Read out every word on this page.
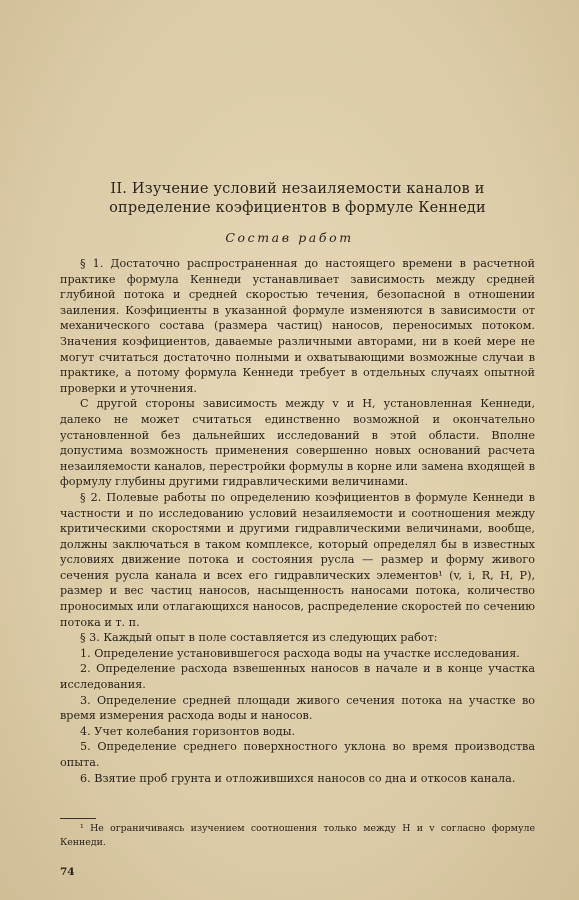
II. Изучение условий незаиляемости каналов и определение коэфициентов в формуле Кеннеди
Состав работ

§ 1. Достаточно распространенная до настоящего времени в расчетной практике формула Кеннеди устанавливает зависимость между средней глубиной потока и средней скоростью течения, безопасной в отношении заиления. Коэфициенты в указанной формуле изменяются в зависимости от механического состава (размера частиц) наносов, переносимых потоком. Значения коэфициентов, даваемые различными авторами, ни в коей мере не могут считаться достаточно полными и охватывающими возможные случаи в практике, а потому формула Кеннеди требует в отдельных случаях опытной проверки и уточнения.

С другой стороны зависимость между v и H, установленная Кеннеди, далеко не может считаться единственно возможной и окончательно установленной без дальнейших исследований в этой области. Вполне допустима возможность применения совершенно новых оснований расчета незаиляемости каналов, перестройки формулы в корне или замена входящей в формулу глубины другими гидравлическими величинами.

§ 2. Полевые работы по определению коэфициентов в формуле Кеннеди в частности и по исследованию условий незаиляемости и соотношения между критическими скоростями и другими гидравлическими величинами, вообще, должны заключаться в таком комплексе, который определял бы в известных условиях движение потока и состояния русла — размер и форму живого сечения русла канала и всех его гидравлических элементов¹ (v, i, R, H, P), размер и вес частиц наносов, насыщенность наносами потока, количество проносимых или отлагающихся наносов, распределение скоростей по сечению потока и т. п.

§ 3. Каждый опыт в поле составляется из следующих работ:

1. Определение установившегося расхода воды на участке исследования.

2. Определение расхода взвешенных наносов в начале и в конце участка исследования.

3. Определение средней площади живого сечения потока на участке во время измерения расхода воды и наносов.

4. Учет колебания горизонтов воды.

5. Определение среднего поверхностного уклона во время производства опыта.

6. Взятие проб грунта и отложившихся наносов со дна и откосов канала.

¹ Не ограничиваясь изучением соотношения только между H и v согласно формуле Кеннеди.
74
